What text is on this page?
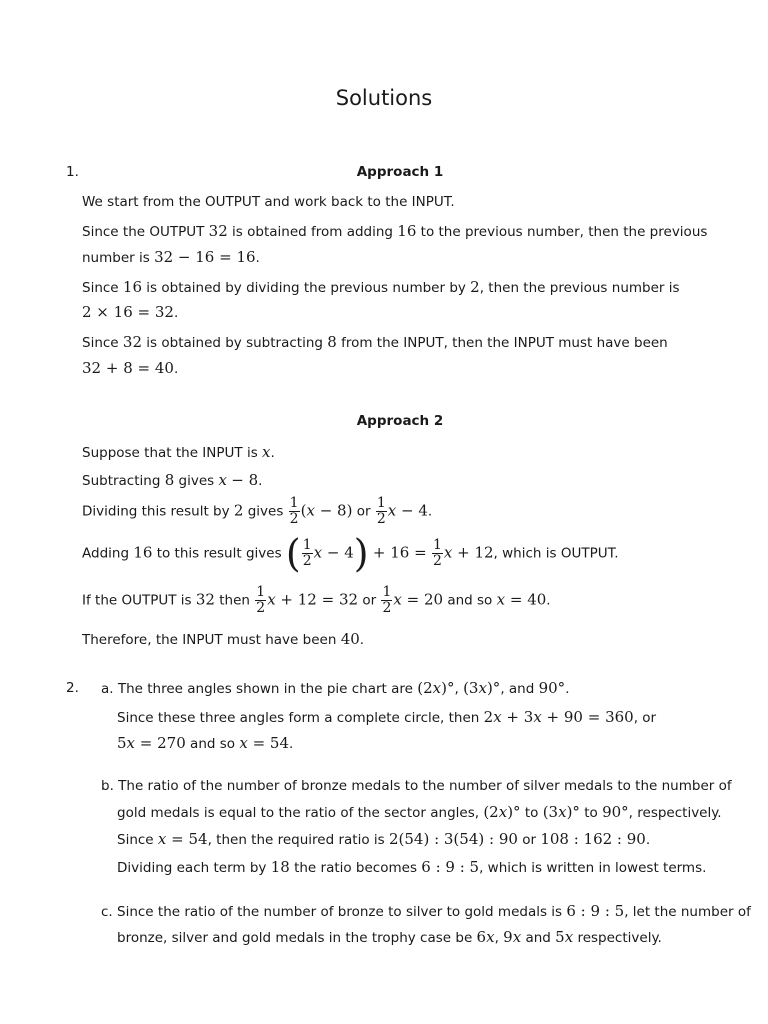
Solutions
1.	Approach 1
We start from the OUTPUT and work back to the INPUT.
Since the OUTPUT 32 is obtained from adding 16 to the previous number, then the previous
number is 32 − 16 = 16.
Since 16 is obtained by dividing the previous number by 2, then the previous number is
2 × 16 = 32.
Since 32 is obtained by subtracting 8 from the INPUT, then the INPUT must have been
32 + 8 = 40.
Approach 2
Suppose that the INPUT is x.
Subtracting 8 gives x − 8.
Dividing this result by 2 gives $\frac{1}{2} (x - 8)$ or $\frac{1}{2}$ x − 4.
Adding 16 to this result gives ( $\frac{1}{2}$ $x - 4) + 16 = \frac{1}{2}$ x + 12, which is OUTPUT.
If the OUTPUT is 32 then $\frac{1}{2}$ x + 12 = 32 or $\frac{1}{2}$ x = 20 and so x = 40.
Therefore, the INPUT must have been 40.
2. a. The three angles shown in the pie chart are (2x)°, (3x)°, and 90°.
Since these three angles form a complete circle, then 2x + 3x + 90 = 360, or
5x = 270 and so x = 54.
b. The ratio of the number of bronze medals to the number of silver medals to the number of
gold medals is equal to the ratio of the sector angles, (2x)° to (3x)° to 90°, respectively.
Since x = 54, then the required ratio is 2(54) : 3(54) : 90 or 108 : 162 : 90.
Dividing each term by 18 the ratio becomes 6 : 9 : 5, which is written in lowest terms.
c. Since the ratio of the number of bronze to silver to gold medals is 6 : 9 : 5, let the number of
bronze, silver and gold medals in the trophy case be 6x, 9x and 5x respectively.
